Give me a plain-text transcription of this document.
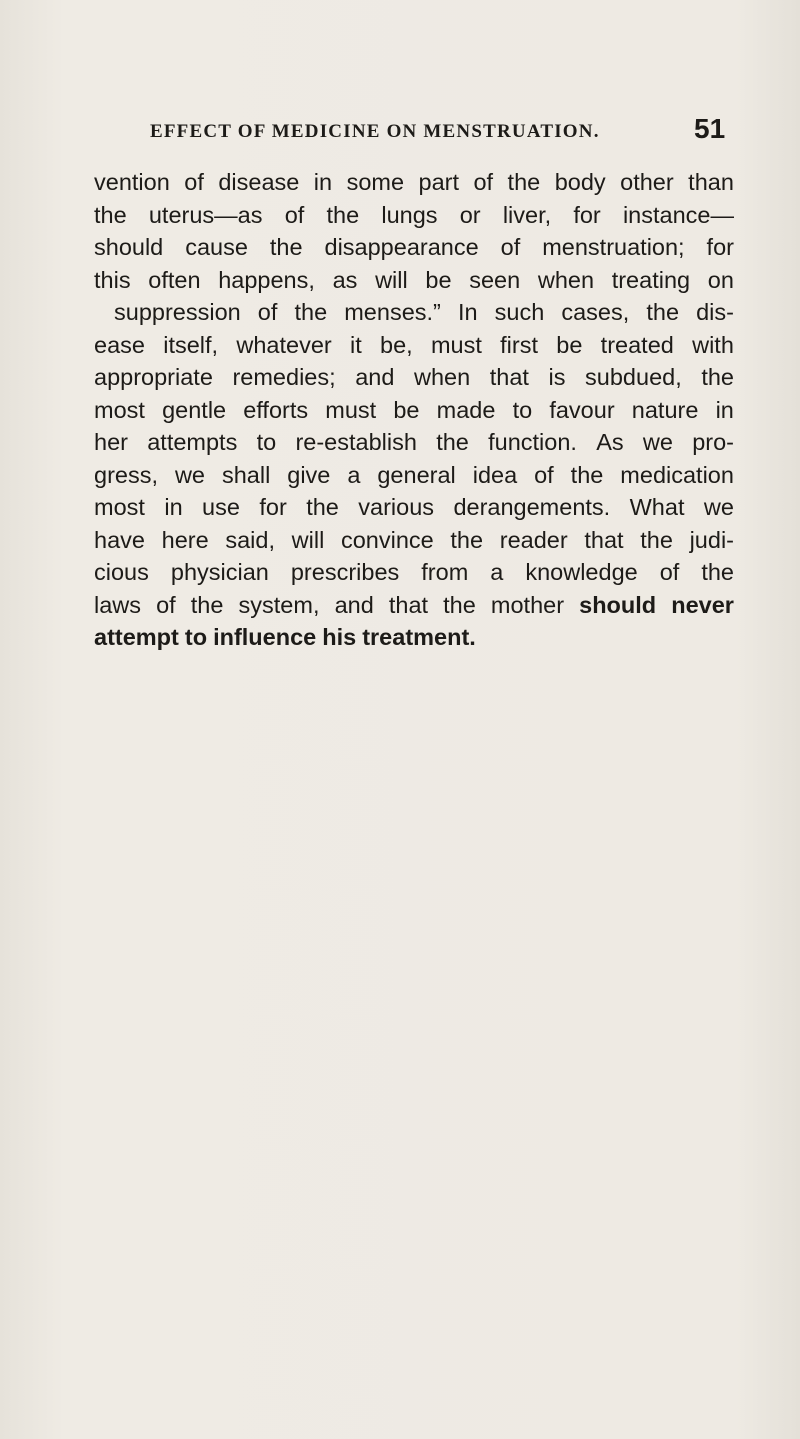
EFFECT OF MEDICINE ON MENSTRUATION.	51
vention of disease in some part of the body other than
the uterus—as of the lungs or liver, for instance—
should cause the disappearance of menstruation; for
this often happens, as will be seen when treating on
suppression of the menses.” In such cases, the dis-
ease itself, whatever it be, must first be treated with
appropriate remedies; and when that is subdued, the
most gentle efforts must be made to favour nature in
her attempts to re-establish the function. As we pro-
gress, we shall give a general idea of the medication
most in use for the various derangements. What we
have here said, will convince the reader that the judi-
cious physician prescribes from a knowledge of the
laws of the system, and that the mother should never
attempt to influence his treatment.
